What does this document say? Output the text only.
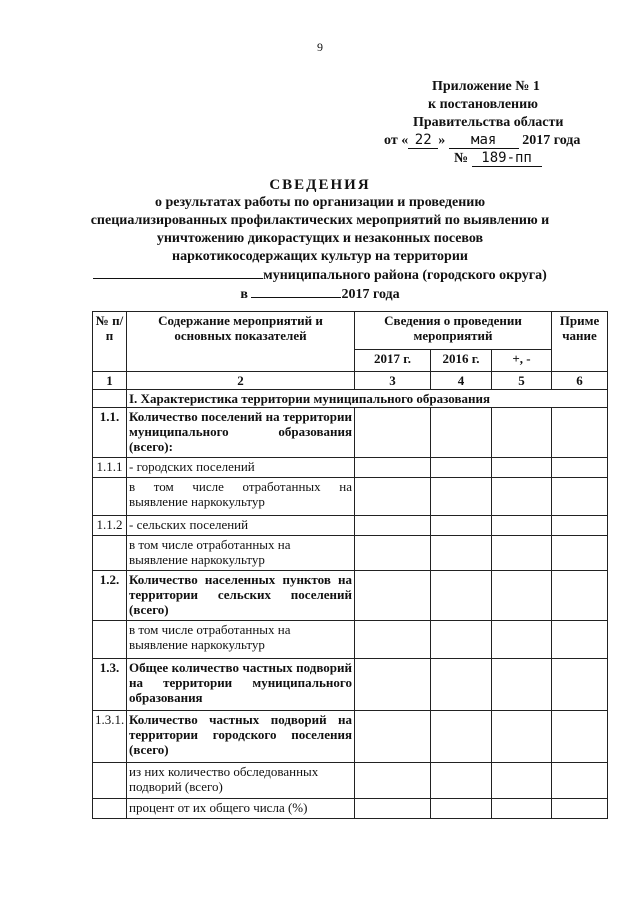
9
Приложение № 1
к постановлению
Правительства области
от « 22 » мая 2017 года
№ 189-пп
СВЕДЕНИЯ
о результатах работы по организации и проведению
специализированных профилактических мероприятий по выявлению и
уничтожению дикорастущих и незаконных посевов
наркотикосодержащих культур на территории
муниципального района (городского округа)
в	2017 года
№ п/п	Содержание мероприятий и основных показателей	Сведения о проведении мероприятий			Приме чание
		2017 г.	2016 г.	+, -	
1	2	3	4	5	6
	I. Характеристика территории муниципального образования				
1.1.	Количество поселений на территории муниципального образования (всего):				
1.1.1	- городских поселений				
	в том числе отработанных на выявление наркокультур				
1.1.2	- сельских поселений				
	в том числе отработанных на выявление наркокультур				
1.2.	Количество населенных пунктов на территории сельских поселений (всего)				
	в том числе отработанных на выявление наркокультур				
1.3.	Общее количество частных подворий на территории муниципального образования				
1.3.1.	Количество частных подворий на территории городского поселения (всего)				
	из них количество обследованных подворий (всего)				
	процент от их общего числа (%)				
